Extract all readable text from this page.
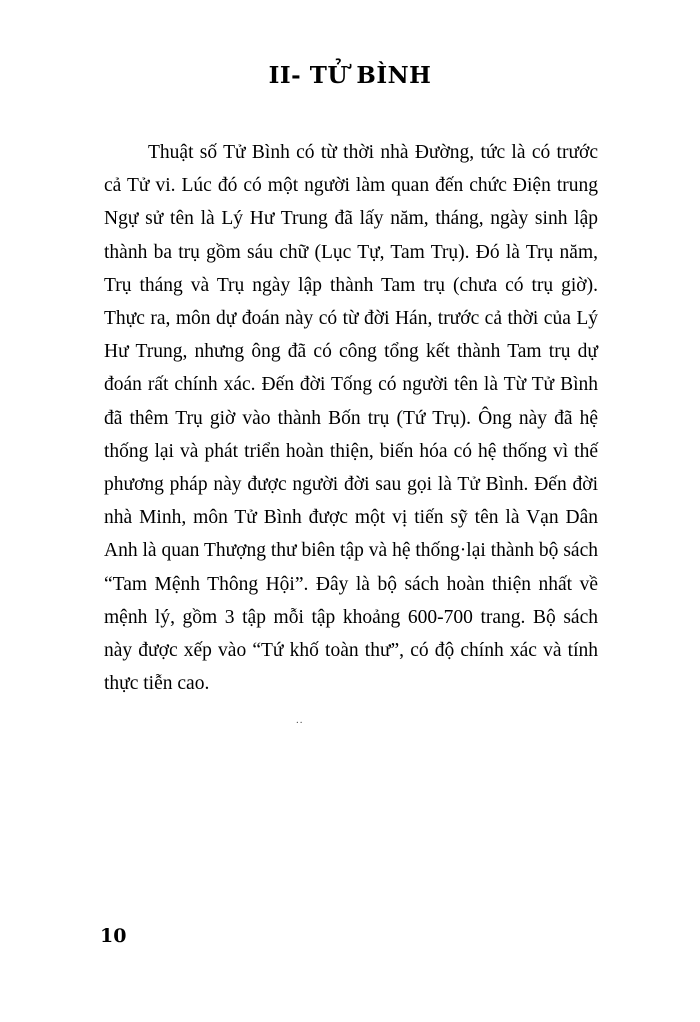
II- TỬ BÌNH

Thuật số Tử Bình có từ thời nhà Đường, tức là có trước cả Tử vi. Lúc đó có một người làm quan đến chức Điện trung Ngự sử tên là Lý Hư Trung đã lấy năm, tháng, ngày sinh lập thành ba trụ gồm sáu chữ (Lục Tự, Tam Trụ). Đó là Trụ năm, Trụ tháng và Trụ ngày lập thành Tam trụ (chưa có trụ giờ). Thực ra, môn dự đoán này có từ đời Hán, trước cả thời của Lý Hư Trung, nhưng ông đã có công tổng kết thành Tam trụ dự đoán rất chính xác. Đến đời Tống có người tên là Từ Tử Bình đã thêm Trụ giờ vào thành Bốn trụ (Tứ Trụ). Ông này đã hệ thống lại và phát triển hoàn thiện, biến hóa có hệ thống vì thế phương pháp này được người đời sau gọi là Tử Bình. Đến đời nhà Minh, môn Tử Bình được một vị tiến sỹ tên là Vạn Dân Anh là quan Thượng thư biên tập và hệ thống·lại thành bộ sách “Tam Mệnh Thông Hội”. Đây là bộ sách hoàn thiện nhất về mệnh lý, gồm 3 tập mỗi tập khoảng 600-700 trang. Bộ sách này được xếp vào “Tứ khố toàn thư”, có độ chính xác và tính thực tiễn cao.

..
10
